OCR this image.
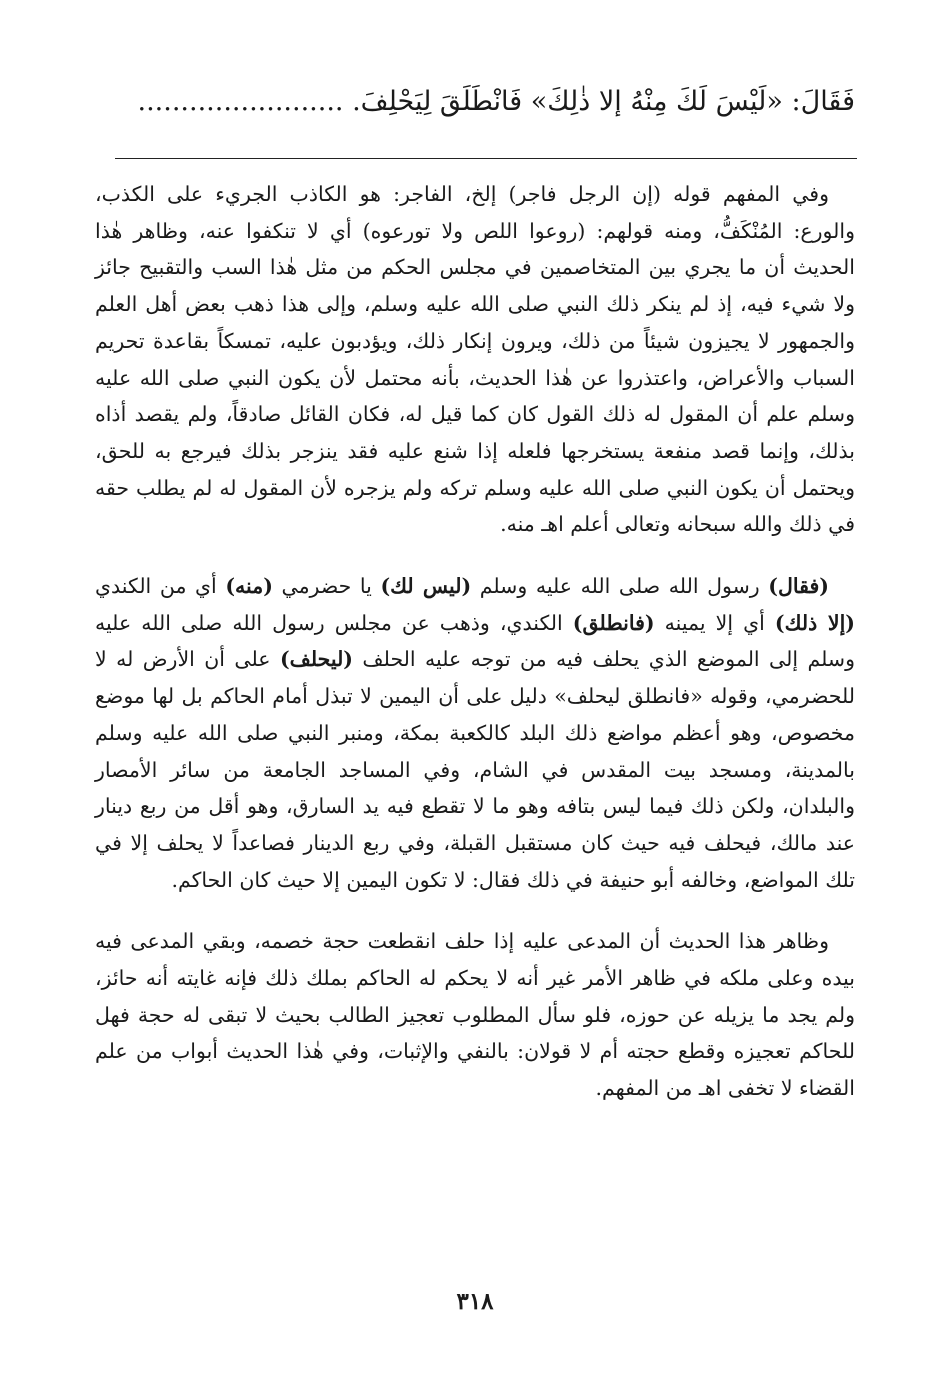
فَقَالَ: «لَيْسَ لَكَ مِنْهُ إلا ذٰلِكَ» فَانْطَلَقَ لِيَحْلِفَ. ........................

وفي المفهم قوله (إن الرجل فاجر) إلخ، الفاجر: هو الكاذب الجريء على الكذب، والورع: المُنْكَفُّ، ومنه قولهم: (روعوا اللص ولا تورعوه) أي لا تنكفوا عنه، وظاهر هٰذا الحديث أن ما يجري بين المتخاصمين في مجلس الحكم من مثل هٰذا السب والتقبيح جائز ولا شيء فيه، إذ لم ينكر ذلك النبي صلى الله عليه وسلم، وإلى هذا ذهب بعض أهل العلم والجمهور لا يجيزون شيئاً من ذلك، ويرون إنكار ذلك، ويؤدبون عليه، تمسكاً بقاعدة تحريم السباب والأعراض، واعتذروا عن هٰذا الحديث، بأنه محتمل لأن يكون النبي صلى الله عليه وسلم علم أن المقول له ذلك القول كان كما قيل له، فكان القائل صادقاً، ولم يقصد أذاه بذلك، وإنما قصد منفعة يستخرجها فلعله إذا شنع عليه فقد ينزجر بذلك فيرجع به للحق، ويحتمل أن يكون النبي صلى الله عليه وسلم تركه ولم يزجره لأن المقول له لم يطلب حقه في ذلك والله سبحانه وتعالى أعلم اهـ منه.

(فقال) رسول الله صلى الله عليه وسلم (ليس لك) يا حضرمي (منه) أي من الكندي (إلا ذلك) أي إلا يمينه (فانطلق) الكندي، وذهب عن مجلس رسول الله صلى الله عليه وسلم إلى الموضع الذي يحلف فيه من توجه عليه الحلف (ليحلف) على أن الأرض له لا للحضرمي، وقوله «فانطلق ليحلف» دليل على أن اليمين لا تبذل أمام الحاكم بل لها موضع مخصوص، وهو أعظم مواضع ذلك البلد كالكعبة بمكة، ومنبر النبي صلى الله عليه وسلم بالمدينة، ومسجد بيت المقدس في الشام، وفي المساجد الجامعة من سائر الأمصار والبلدان، ولكن ذلك فيما ليس بتافه وهو ما لا تقطع فيه يد السارق، وهو أقل من ربع دينار عند مالك، فيحلف فيه حيث كان مستقبل القبلة، وفي ربع الدينار فصاعداً لا يحلف إلا في تلك المواضع، وخالفه أبو حنيفة في ذلك فقال: لا تكون اليمين إلا حيث كان الحاكم.

وظاهر هذا الحديث أن المدعى عليه إذا حلف انقطعت حجة خصمه، وبقي المدعى فيه بيده وعلى ملكه في ظاهر الأمر غير أنه لا يحكم له الحاكم بملك ذلك فإنه غايته أنه حائز، ولم يجد ما يزيله عن حوزه، فلو سأل المطلوب تعجيز الطالب بحيث لا تبقى له حجة فهل للحاكم تعجيزه وقطع حجته أم لا قولان: بالنفي والإثبات، وفي هٰذا الحديث أبواب من علم القضاء لا تخفى اهـ من المفهم.

٣١٨
